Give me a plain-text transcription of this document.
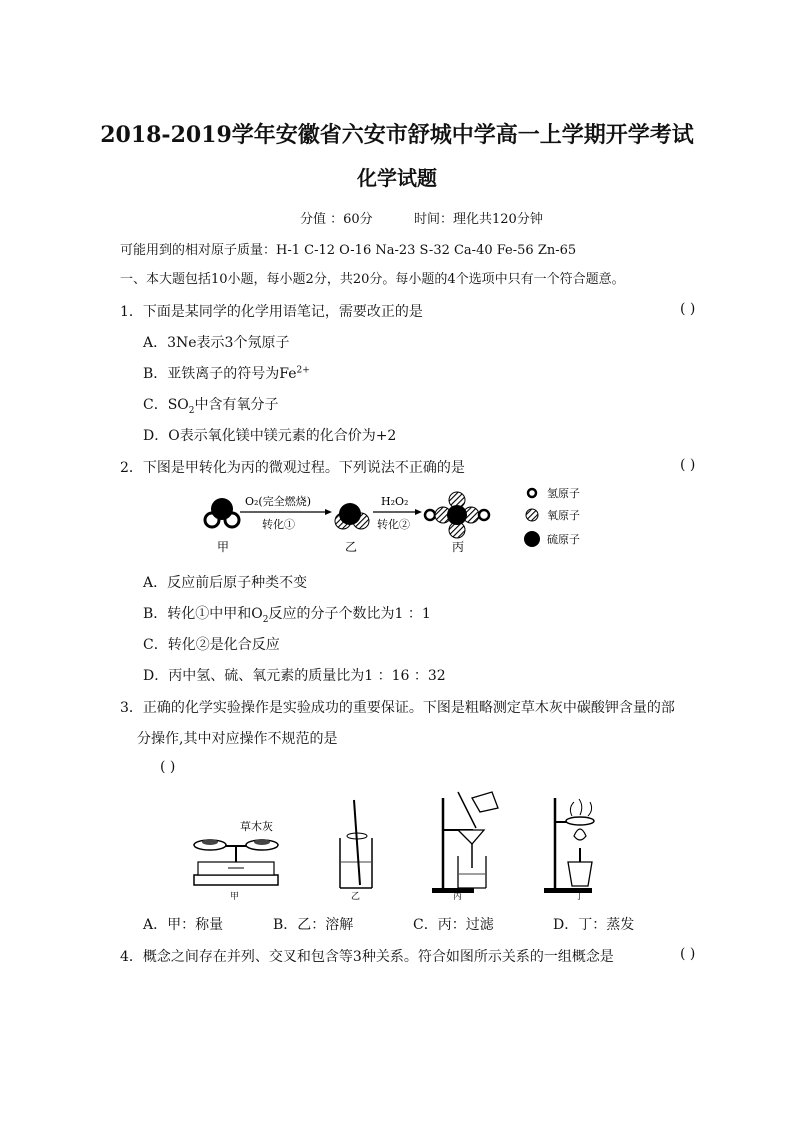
2018-2019学年安徽省六安市舒城中学高一上学期开学考试
化学试题
分值 ：60分	时间：理化共120分钟
可能用到的相对原子质量：H-1 C-12 O-16 Na-23 S-32 Ca-40 Fe-56 Zn-65
一、本大题包括10小题，每小题2分，共20分。每小题的4个选项中只有一个符合题意。
1．下面是某同学的化学用语笔记，需要改正的是	( )
A．3Ne表示3个氖原子
B．亚铁离子的符号为$Fe^{2+}$
C．$SO_2$中含有氧分子
D．O表示氧化镁中镁元素的化合价为+2
2．下图是甲转化为丙的微观过程。下列说法不正确的是	( )
甲
O₂(完全燃烧)
转化①
乙
H₂O₂
转化②
丙
氢原子
氧原子
硫原子
A．反应前后原子种类不变
B．转化①中甲和$O_2$反应的分子个数比为1 ：1
C．转化②是化合反应
D．丙中氢、硫、氧元素的质量比为1 ：16 ：32
3．正确的化学实验操作是实验成功的重要保证。下图是粗略测定草木灰中碳酸钾含量的部
分操作,其中对应操作不规范的是
( )
草木灰
甲	乙	丙	丁
A．甲：称量	B．乙：溶解	C．丙：过滤	D．丁：蒸发
4．概念之间存在并列、交叉和包含等3种关系。符合如图所示关系的一组概念是	( )
